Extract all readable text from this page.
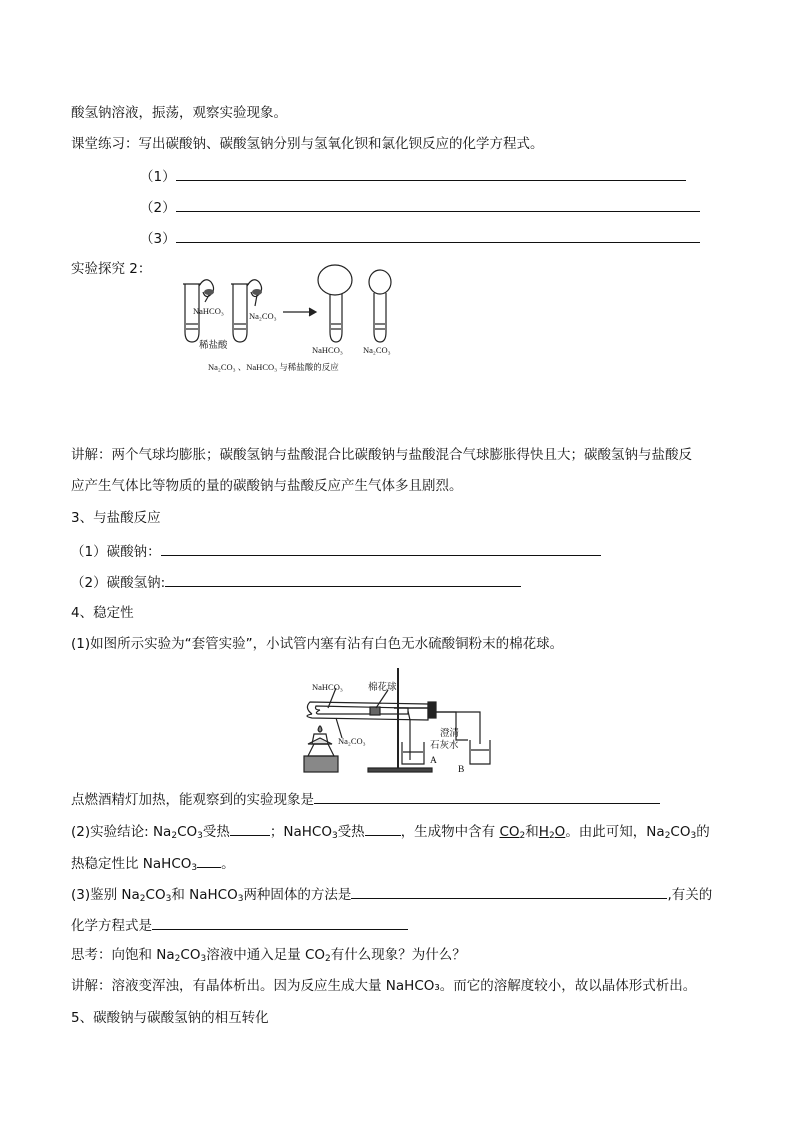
酸氢钠溶液，振荡，观察实验现象。
课堂练习：写出碳酸钠、碳酸氢钠分别与氢氧化钡和氯化钡反应的化学方程式。
（1）
（2）
（3）
实验探究 2：
NaHCO₃	Na₂CO₃
稀盐酸	NaHCO₃ Na₂CO₃
Na₂CO₃ 、NaHCO₃ 与稀盐酸的反应
讲解：两个气球均膨胀；碳酸氢钠与盐酸混合比碳酸钠与盐酸混合气球膨胀得快且大；碳酸氢钠与盐酸反
应产生气体比等物质的量的碳酸钠与盐酸反应产生气体多且剧烈。
3、与盐酸反应
（1）碳酸钠：
（2）碳酸氢钠:
4、稳定性
(1)如图所示实验为“套管实验”，小试管内塞有沾有白色无水硫酸铜粉末的棉花球。
NaHCO₃	棉花球
Na₂CO₃
澄清
石灰水
A
B
点燃酒精灯加热，能观察到的实验现象是
(2)实验结论: $Na_2CO_3$受热	；NaHCO$_3$受热	，生成物中含有 $CO_2$和$H_2O$。由此可知，$Na_2CO_3$的
热稳定性比 NaHCO$_3$ 。
(3)鉴别 $Na_2CO_3$和 NaHCO$_3$两种固体的方法是	,有关的
化学方程式是
思考：向饱和 $Na_2CO_3$溶液中通入足量 $CO_2$有什么现象？为什么？
讲解：溶液变浑浊，有晶体析出。因为反应生成大量 NaHCO₃。而它的溶解度较小，故以晶体形式析出。
5、碳酸钠与碳酸氢钠的相互转化
